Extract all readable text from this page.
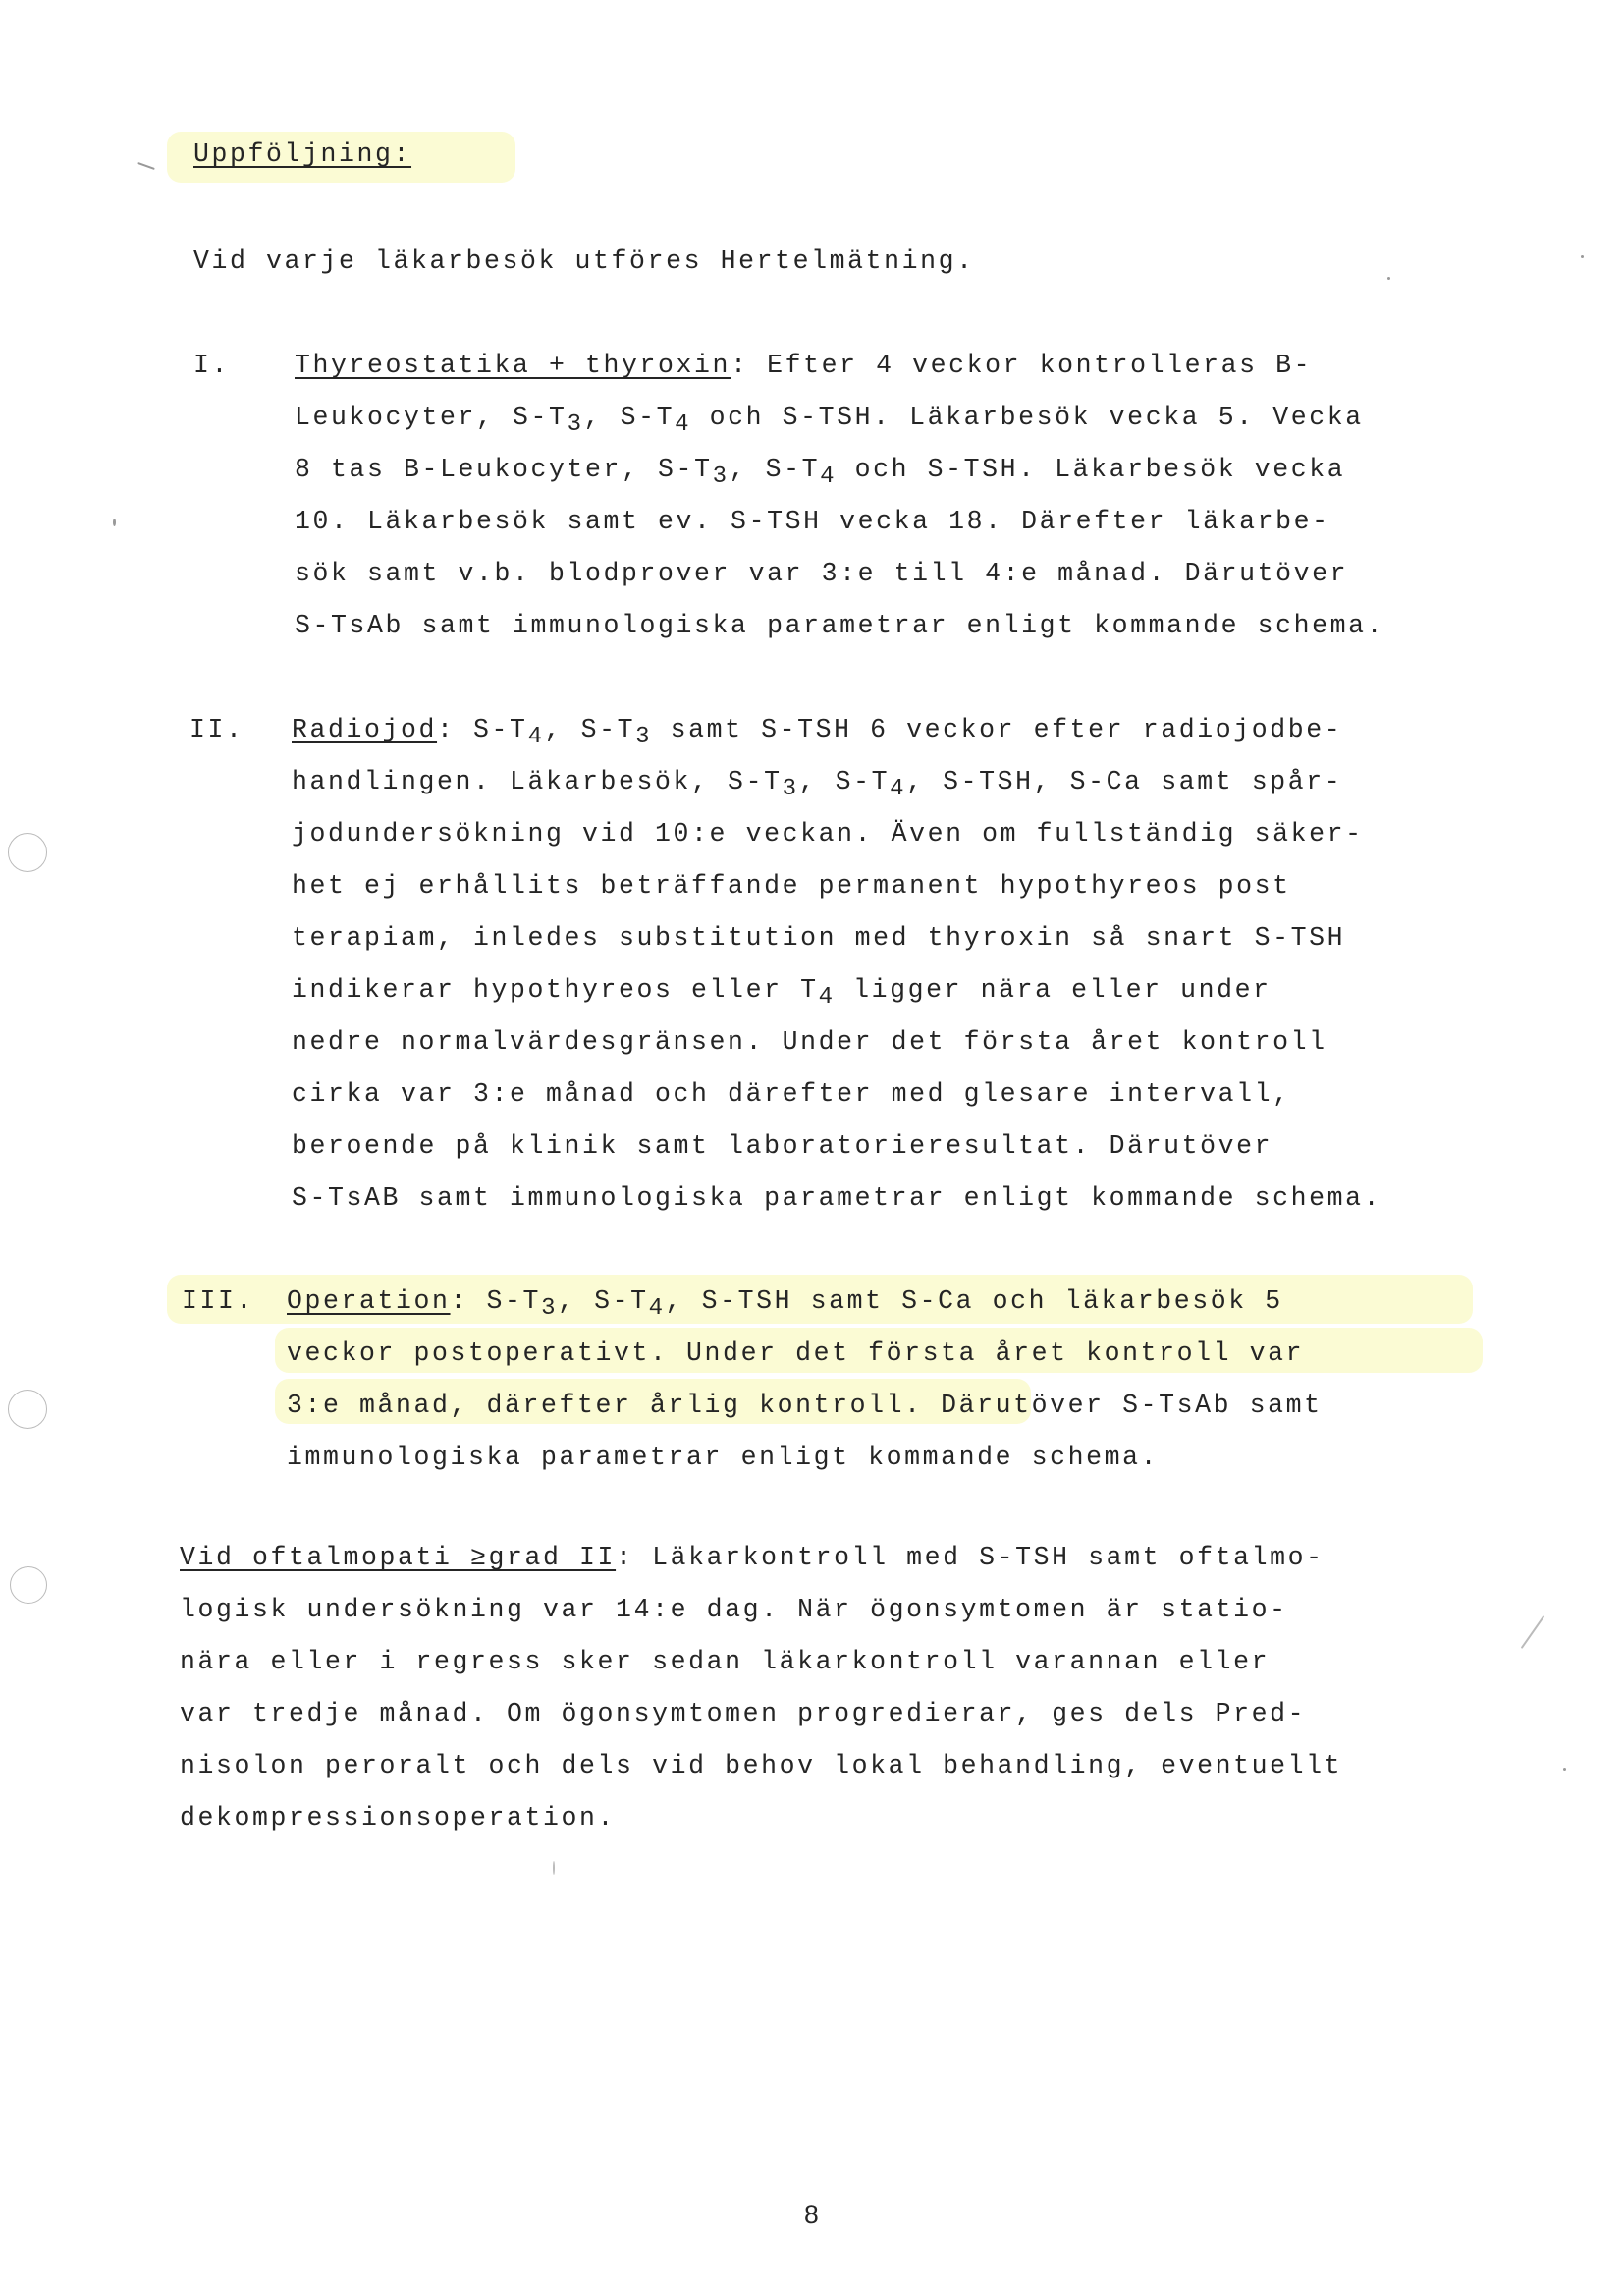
Uppföljning:
Vid varje läkarbesök utföres Hertelmätning.
I. Thyreostatika + thyroxin: Efter 4 veckor kontrolleras B-
Leukocyter, $S-T_3$, $S-T_4$ och S-TSH. Läkarbesök vecka 5. Vecka
8 tas B-Leukocyter, $S-T_3$, $S-T_4$ och S-TSH. Läkarbesök vecka
10. Läkarbesök samt ev. S-TSH vecka 18. Därefter läkarbe-
sök samt v.b. blodprover var 3:e till 4:e månad. Därutöver
S-TsAb samt immunologiska parametrar enligt kommande schema.
II. Radiojod: $S-T_4$, $S-T_3$ samt S-TSH 6 veckor efter radiojodbe-
handlingen. Läkarbesök, $S-T_3$, $S-T_4$, S-TSH, S-Ca samt spår-
jodundersökning vid 10:e veckan. Även om fullständig säker-
het ej erhållits beträffande permanent hypothyreos post
terapiam, inledes substitution med thyroxin så snart S-TSH
indikerar hypothyreos eller $T_4$ ligger nära eller under
nedre normalvärdesgränsen. Under det första året kontroll
cirka var 3:e månad och därefter med glesare intervall,
beroende på klinik samt laboratorieresultat. Därutöver
S-TsAB samt immunologiska parametrar enligt kommande schema.
III. Operation: $S-T_3$, $S-T_4$, S-TSH samt S-Ca och läkarbesök 5
veckor postoperativt. Under det första året kontroll var
3:e månad, därefter årlig kontroll. Därutöver S-TsAb samt
immunologiska parametrar enligt kommande schema.
Vid oftalmopati ≥grad II: Läkarkontroll med S-TSH samt oftalmo-
logisk undersökning var 14:e dag. När ögonsymtomen är statio-
nära eller i regress sker sedan läkarkontroll varannan eller
var tredje månad. Om ögonsymtomen progredierar, ges dels Pred-
nisolon peroralt och dels vid behov lokal behandling, eventuellt
dekompressionsoperation.
8
